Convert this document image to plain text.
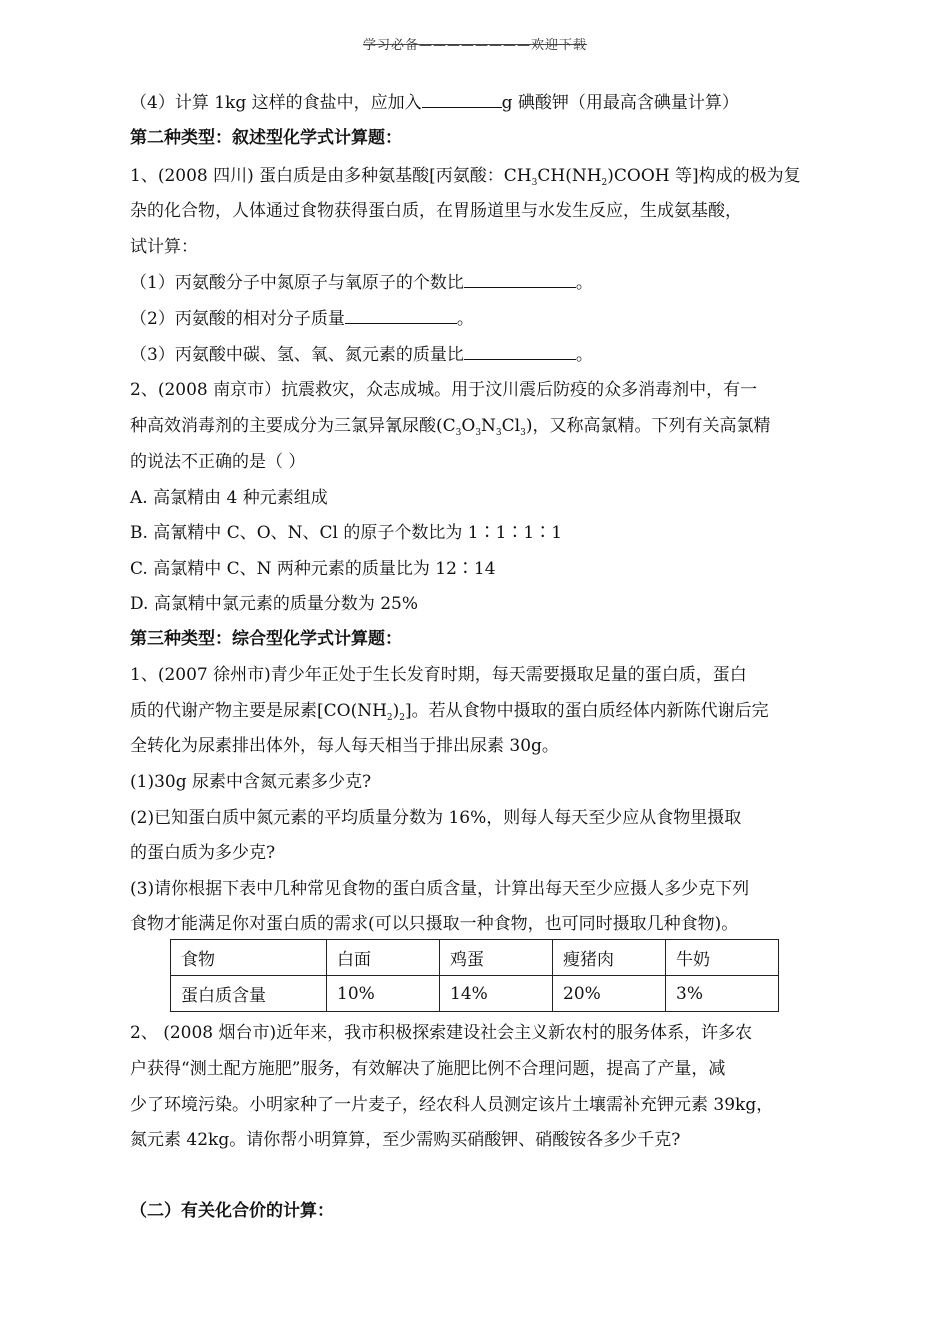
学习必备————————欢迎下载
（4）计算 1kg 这样的食盐中，应加入	g 碘酸钾（用最高含碘量计算）
第二种类型：叙述型化学式计算题：
1、(2008 四川) 蛋白质是由多种氨基酸[丙氨酸：$CH_3CH(NH_2)COOH$ 等]构成的极为复
杂的化合物，人体通过食物获得蛋白质，在胃肠道里与水发生反应，生成氨基酸，
试计算：
（1）丙氨酸分子中氮原子与氧原子的个数比	。
（2）丙氨酸的相对分子质量	。
（3）丙氨酸中碳、氢、氧、氮元素的质量比	。
2、(2008 南京市）抗震救灾，众志成城。用于汶川震后防疫的众多消毒剂中，有一
种高效消毒剂的主要成分为三氯异氰尿酸$(C_3O_3N_3Cl_3)$，又称高氯精。下列有关高氯精
的说法不正确的是（ ）
A. 高氯精由 4 种元素组成
B. 高氰精中 C、O、N、Cl 的原子个数比为 1∶1∶1∶1
C. 高氯精中 C、N 两种元素的质量比为 12∶14
D. 高氯精中氯元素的质量分数为 25%
第三种类型：综合型化学式计算题：
1、(2007 徐州市)青少年正处于生长发育时期，每天需要摄取足量的蛋白质，蛋白
质的代谢产物主要是尿素$[CO(NH_2)_2]$。若从食物中摄取的蛋白质经体内新陈代谢后完
全转化为尿素排出体外，每人每天相当于排出尿素 30g。
(1)30g 尿素中含氮元素多少克?
(2)已知蛋白质中氮元素的平均质量分数为 16%，则每人每天至少应从食物里摄取
的蛋白质为多少克?
(3)请你根据下表中几种常见食物的蛋白质含量，计算出每天至少应摄人多少克下列
食物才能满足你对蛋白质的需求(可以只摄取一种食物，也可同时摄取几种食物)。
食物	白面	鸡蛋	瘦猪肉	牛奶
蛋白质含量	10%	14%	20%	3%
2、 (2008 烟台市)近年来，我市积极探索建设社会主义新农村的服务体系，许多农
户获得“测土配方施肥”服务，有效解决了施肥比例不合理问题，提高了产量，减
少了环境污染。小明家种了一片麦子，经农科人员测定该片土壤需补充钾元素 39kg，
氮元素 42kg。请你帮小明算算，至少需购买硝酸钾、硝酸铵各多少千克?
（二）有关化合价的计算：
